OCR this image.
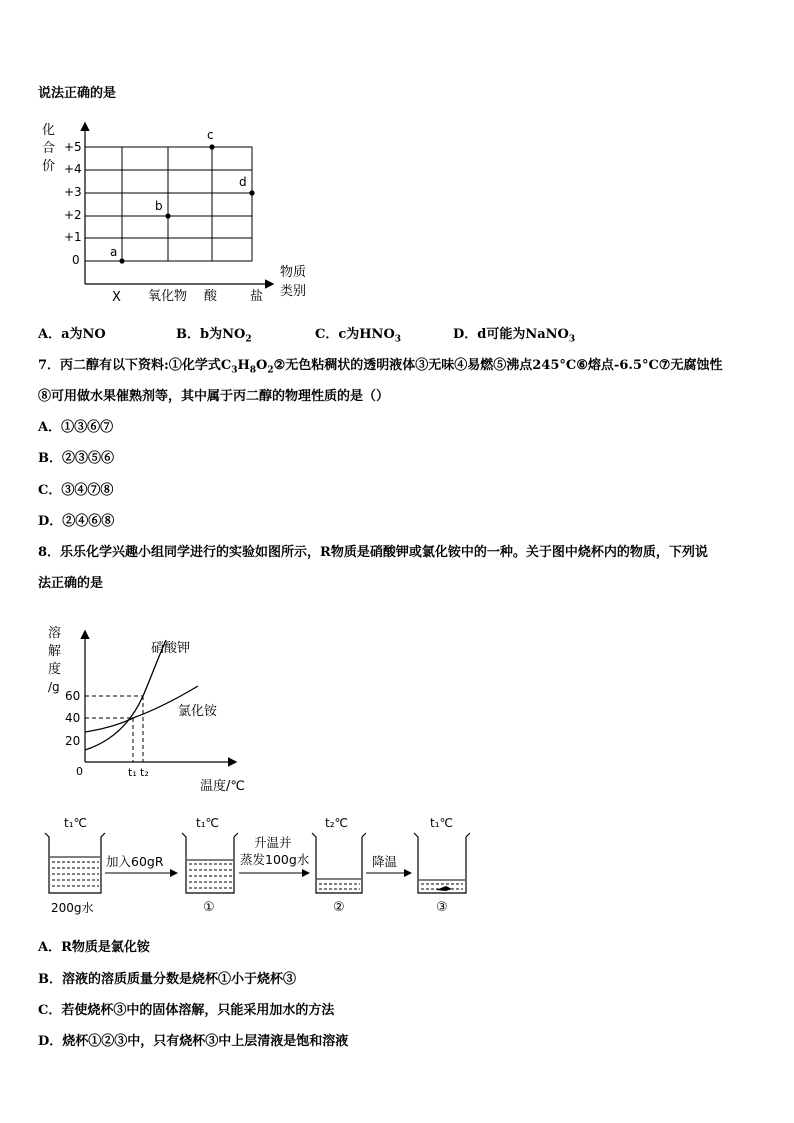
说法正确的是
化
合
价
+5
+4
+3
+2
+1
0
X 氧化物 酸	盐
物质
类别
a
b
c
d
A．a为NO	B．b为$NO_2$	C．c为$HNO_3$	D．d可能为NaNO$_3$
7．丙二醇有以下资料:①化学式$C_3H_8O_2②$无色粘稠状的透明液体③无味④易燃⑤沸点245°C⑥熔点-6.5°C⑦无腐蚀性
⑧可用做水果催熟剂等，其中属于丙二醇的物理性质的是（）
A．①③⑥⑦
B．②③⑤⑥
C．③④⑦⑧
D．②④⑥⑧
8．乐乐化学兴趣小组同学进行的实验如图所示，R物质是硝酸钾或氯化铵中的一种。关于图中烧杯内的物质，下列说
法正确的是
溶
解
度
/g
60
40
20
0
硝酸钾
氯化铵
t₁ t₂
温度/℃
加入60gR
升温并
蒸发100g水	降温
t₁℃	t₁℃	t₂℃	t₁℃
200g水	①	②	③
A．R物质是氯化铵
B．溶液的溶质质量分数是烧杯①小于烧杯③
C．若使烧杯③中的固体溶解，只能采用加水的方法
D．烧杯①②③中，只有烧杯③中上层清液是饱和溶液
